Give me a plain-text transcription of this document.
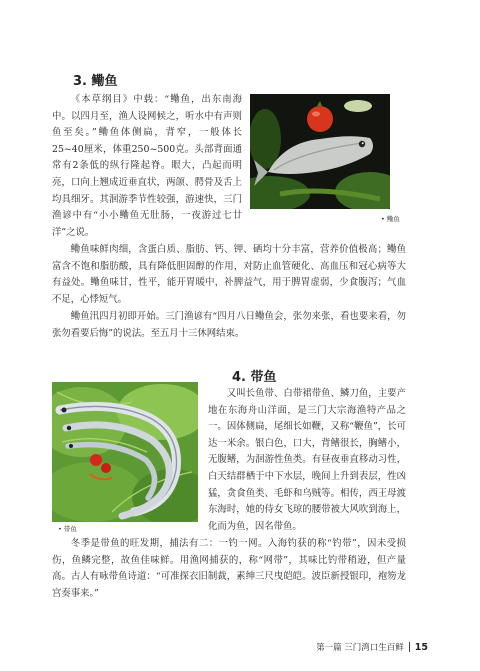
3. 鳓鱼

《本草纲目》中载：“鳓鱼，出东南海中。以四月至，渔人设网候之，听水中有声则鱼至矣。”鳓鱼体侧扁，背窄，一般体长25~40厘米，体重250~500克。头部背面通常有2条低的纵行隆起脊。眼大，凸起而明亮，口向上翘成近垂直状，两颌、腭骨及舌上均具细牙。其洄游季节性较强，游速快，三门渔谚中有“小小鳓鱼无肚肠，一夜游过七廿洋”之说。

• 鳓鱼

鳓鱼味鲜肉细，含蛋白质、脂肪、钙、钾、硒均十分丰富，营养价值极高；鳓鱼富含不饱和脂肪酸，具有降低胆固醇的作用，对防止血管硬化、高血压和冠心病等大有益处。鳓鱼味甘，性平，能开胃暖中，补脾益气，用于脾胃虚弱，少食腹泻；气血不足，心悸短气。

鳓鱼汛四月初即开始。三门渔谚有“四月八日鳓鱼会，张勿来张，看也要来看，勿张勿看要后悔”的说法。至五月十三休网结束。

4. 带鱼
• 带鱼

又叫长鱼带、白带裙带鱼、鳞刀鱼，主要产地在东海舟山洋面，是三门大宗海渔特产品之一。因体侧扁，尾细长如鞭，又称“鞭鱼”，长可达一米余。银白色，口大，背鳍很长，胸鳍小，无腹鳍，为洄游性鱼类。有昼夜垂直移动习性，白天结群栖于中下水层，晚间上升到表层，性凶猛，贪食鱼类、毛虾和乌贼等。相传，西王母渡东海时，她的侍女飞琼的腰带被大风吹到海上，化而为鱼，因名带鱼。

冬季是带鱼的旺发期，捕法有二：一钓一网。入海钓获的称“钓带”，因未受损伤，鱼鳞完整，故鱼佳味鲜。用渔网捕获的，称“网带”，其味比钓带稍逊，但产量高。古人有咏带鱼诗道：“可准探衣旧制裁，素绅三尺曳皑皑。波臣新授银印，袍笏龙宫奏事来。”

第一篇 三门湾口生百鲜 15
